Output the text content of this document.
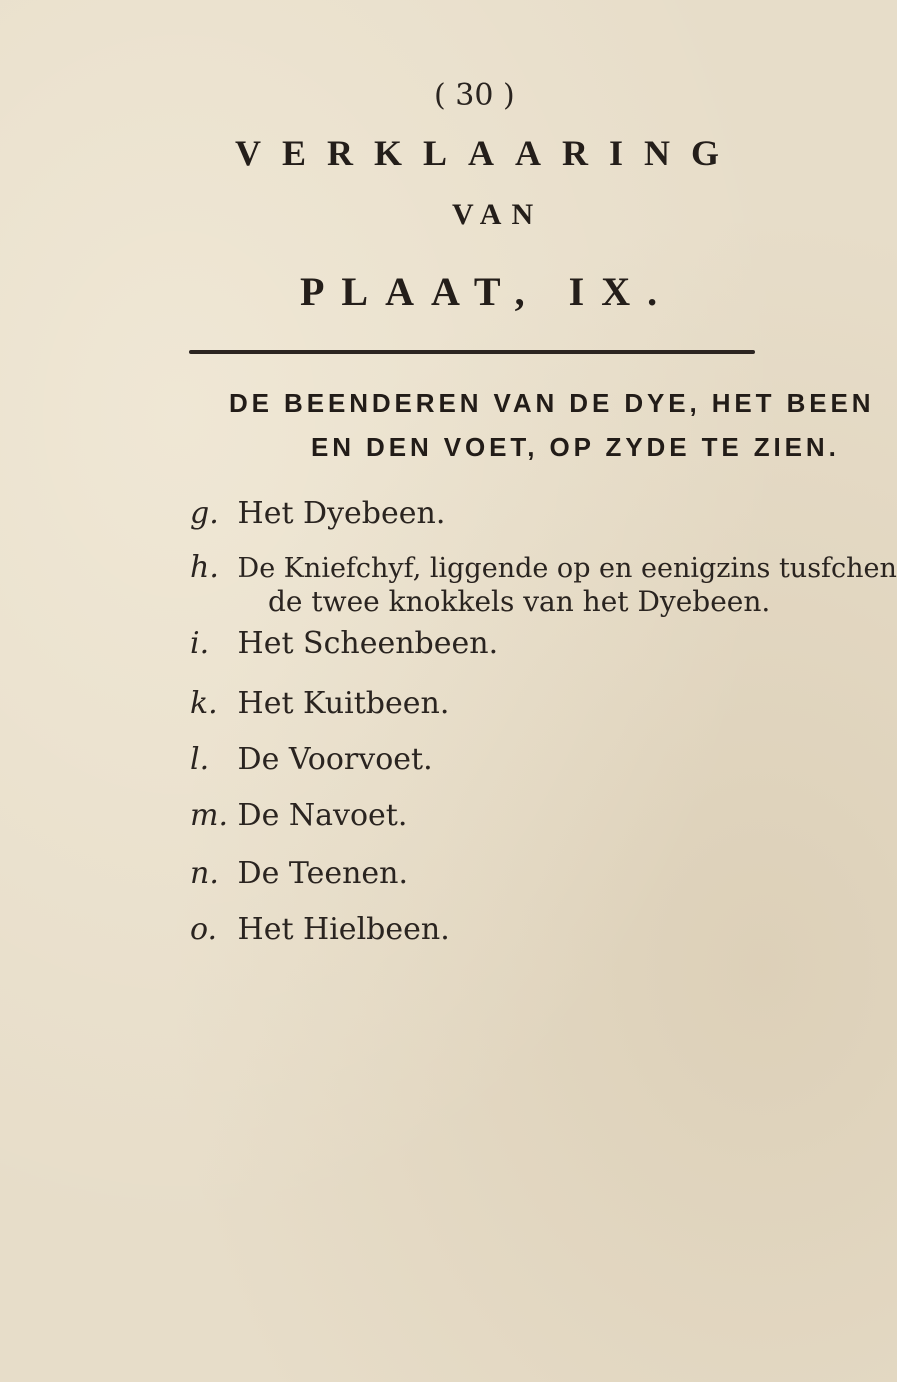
( 30 )
VERKLAARING
VAN
PLAAT, IX.
DE BEENDEREN VAN DE DYE, HET BEEN
EN DEN VOET, OP ZYDE TE ZIEN.
g. Het Dyebeen.
h. De Kniefchyf, liggende op en eenigzins tusfchen
de twee knokkels van het Dyebeen.
i. Het Scheenbeen.
k. Het Kuitbeen.
l. De Voorvoet.
m. De Navoet.
n. De Teenen.
o. Het Hielbeen.
